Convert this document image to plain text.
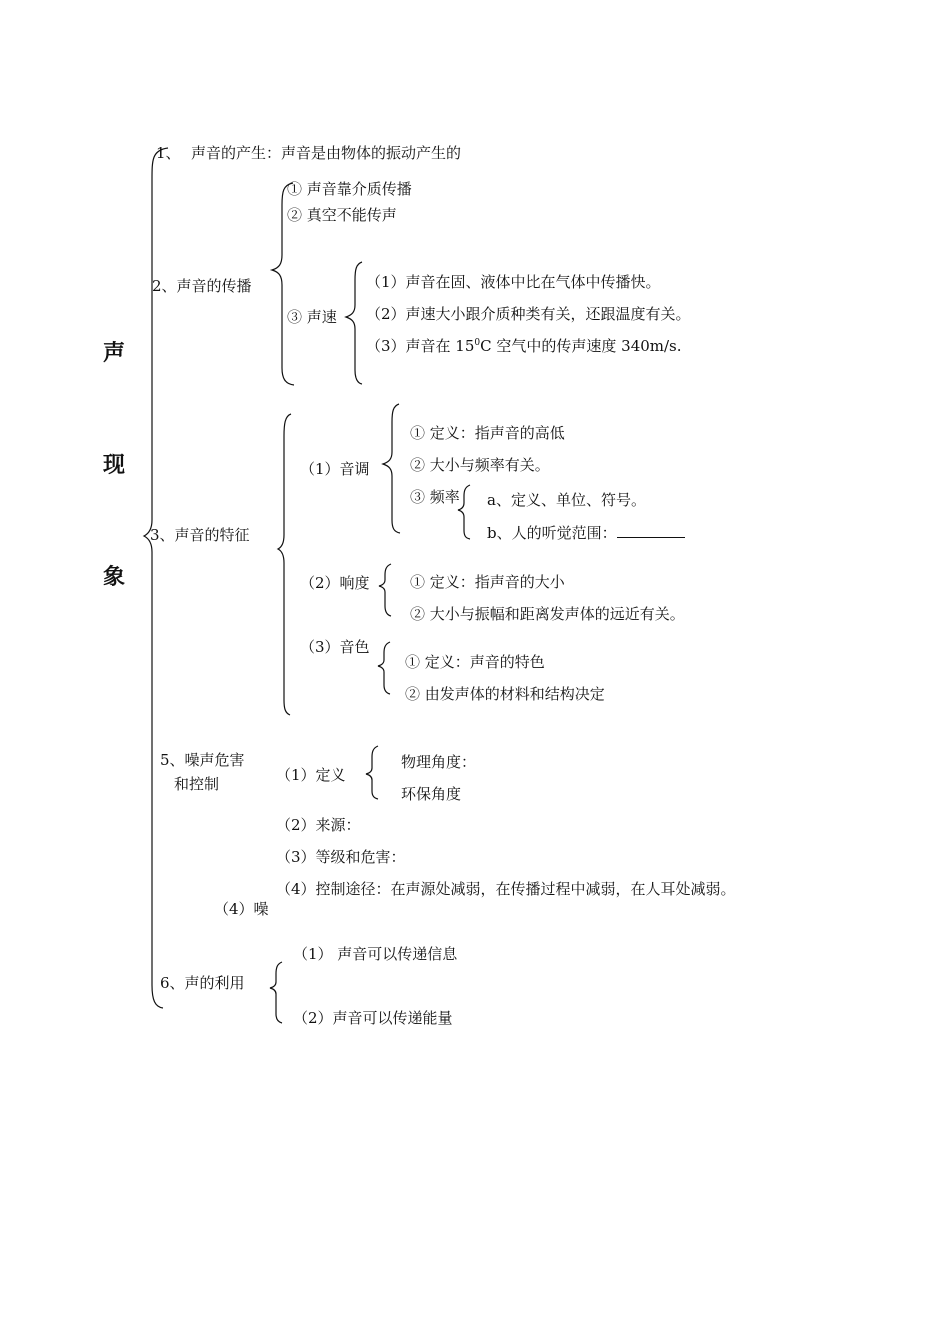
声
现
象
1、 声音的产生：声音是由物体的振动产生的
2、声音的传播
① 声音靠介质传播
② 真空不能传声
③ 声速
（1）声音在固、液体中比在气体中传播快。
（2）声速大小跟介质种类有关，还跟温度有关。
（3）声音在 $15^0C$ 空气中的传声速度 340m/s.
3、声音的特征
（1）音调
① 定义：指声音的高低
② 大小与频率有关。
③ 频率 a、定义、单位、符号。
b、人的听觉范围：
（2）响度	① 定义：指声音的大小
② 大小与振幅和距离发声体的远近有关。
（3）音色
① 定义：声音的特色
② 由发声体的材料和结构决定
5、噪声危害
和控制	（1）定义
物理角度：
环保角度
（2）来源：
（3）等级和危害：
（4）控制途径：在声源处减弱，在传播过程中减弱，在人耳处减弱。
（4）噪
6、声的利用
（1） 声音可以传递信息
（2）声音可以传递能量
